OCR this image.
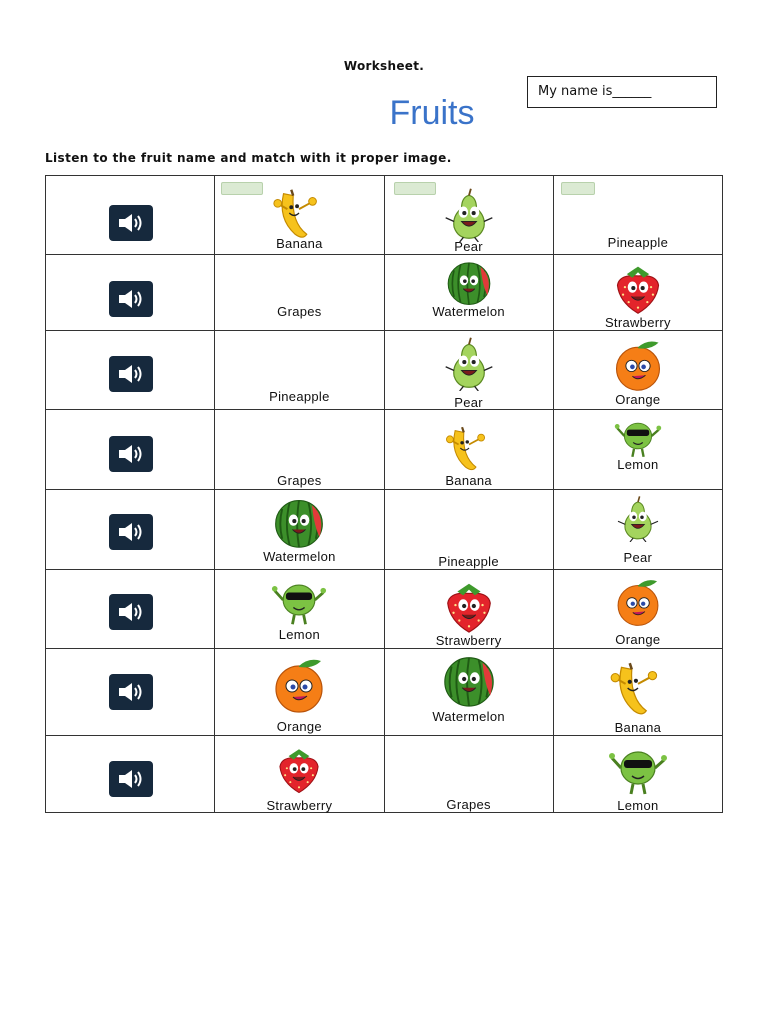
Worksheet.
My name is______
Fruits
Listen to the fruit name and match with it proper image.

Banana	Pear	Pineapple

Grapes	Watermelon	Strawberry

Pineapple	Pear	Orange

Grapes	Banana	Lemon

Watermelon	Pineapple	Pear

Lemon	Strawberry	Orange

Orange	Watermelon	Banana

Strawberry	Grapes	Lemon
